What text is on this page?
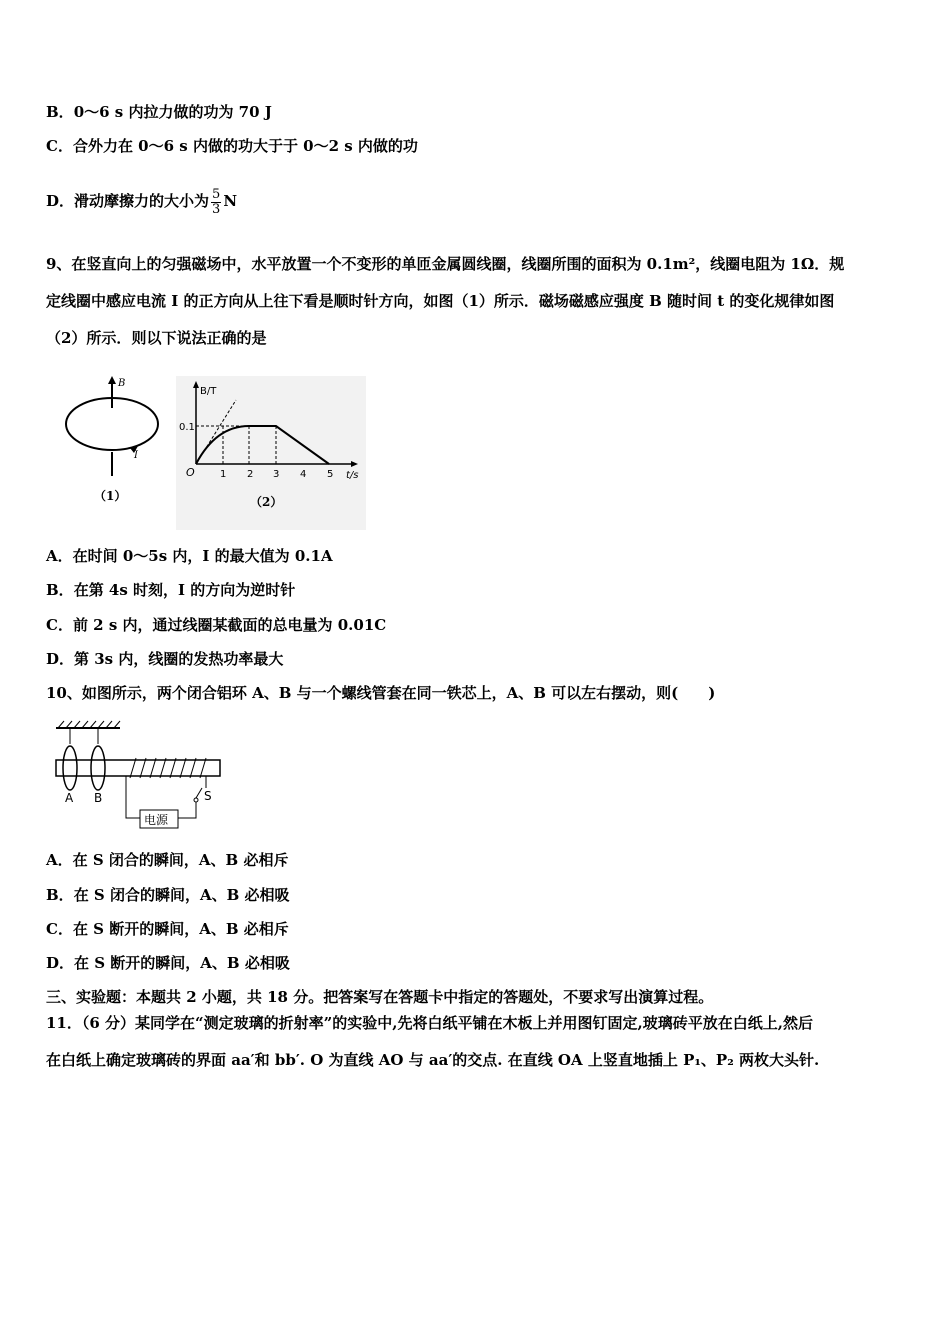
B．0～6 s 内拉力做的功为 70 J
C．合外力在 0～6 s 内做的功大于于 0～2 s 内做的功
D．滑动摩擦力的大小为 $\frac{5}{3}$ N
9、在竖直向上的匀强磁场中，水平放置一个不变形的单匝金属圆线圈，线圈所围的面积为 0.1m²，线圈电阻为 1Ω．规
定线圈中感应电流 I 的正方向从上往下看是顺时针方向，如图（1）所示．磁场磁感应强度 B 随时间 t 的变化规律如图
（2）所示．则以下说法正确的是
B
I
（1）
B/T
t/s
0.1
O	1 2 3 4 5
（2）
A．在时间 0～5s 内，I 的最大值为 0.1A
B．在第 4s 时刻，I 的方向为逆时针
C．前 2 s 内，通过线圈某截面的总电量为 0.01C
D．第 3s 内，线圈的发热功率最大
10、如图所示，两个闭合铝环 A、B 与一个螺线管套在同一铁芯上，A、B 可以左右摆动，则(　　)
电源
S
A B
A．在 S 闭合的瞬间，A、B 必相斥
B．在 S 闭合的瞬间，A、B 必相吸
C．在 S 断开的瞬间，A、B 必相斥
D．在 S 断开的瞬间，A、B 必相吸
三、实验题：本题共 2 小题，共 18 分。把答案写在答题卡中指定的答题处，不要求写出演算过程。
11．（6 分）某同学在“测定玻璃的折射率”的实验中,先将白纸平铺在木板上并用图钉固定,玻璃砖平放在白纸上,然后
在白纸上确定玻璃砖的界面 aa′和 bb′. O 为直线 AO 与 aa′的交点. 在直线 OA 上竖直地插上 P₁、P₂ 两枚大头针.
